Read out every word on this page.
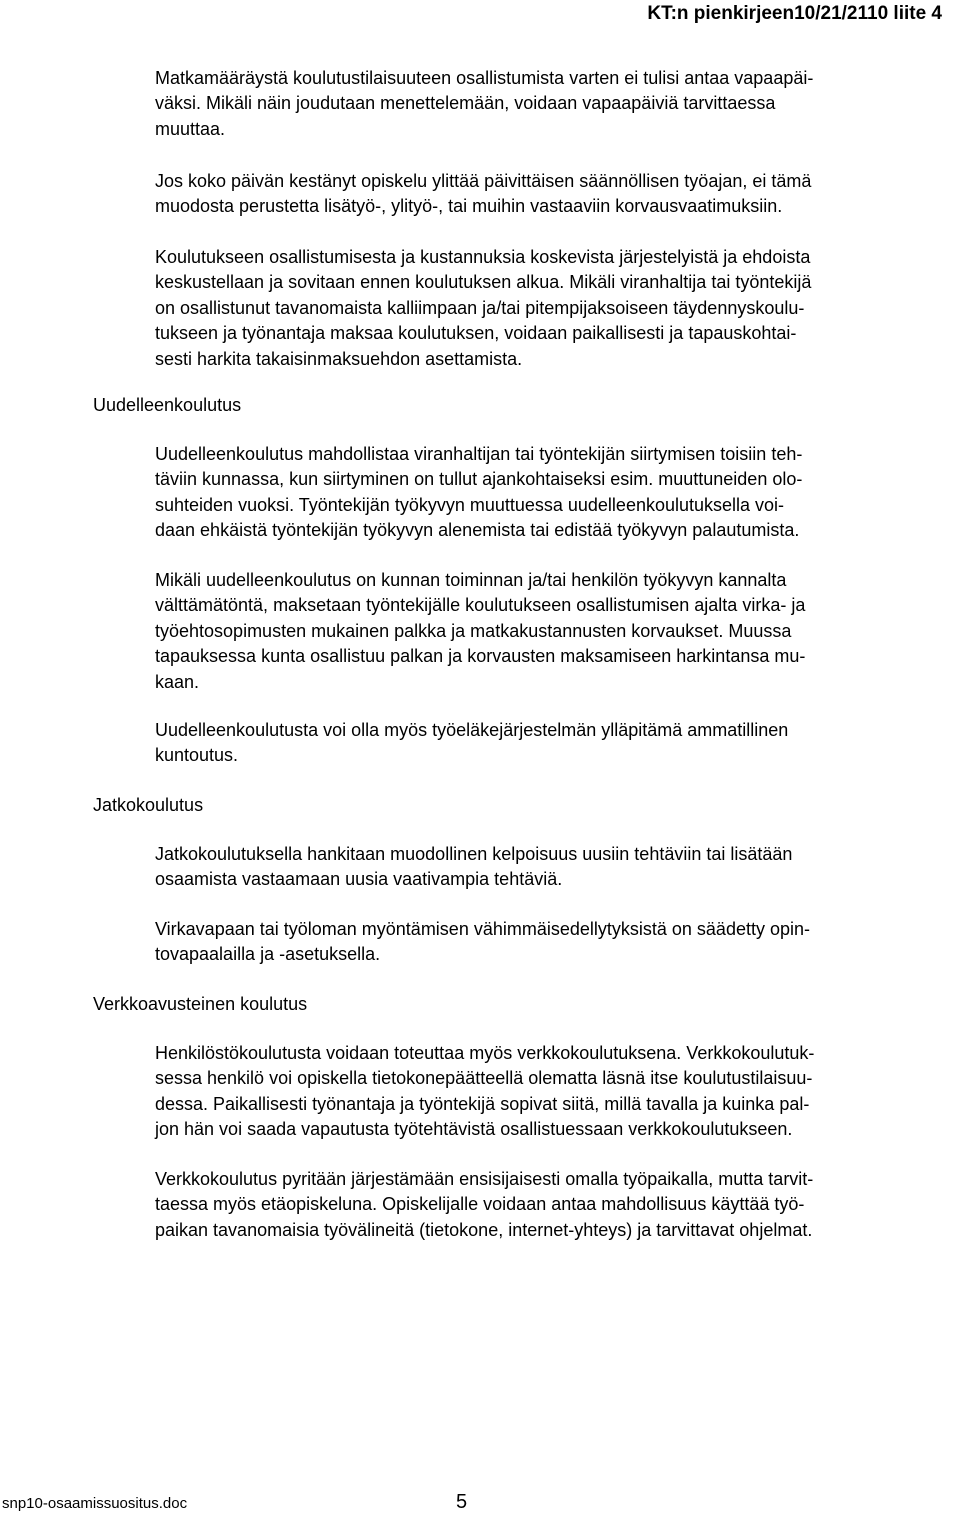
KT:n pienkirjeen10/21/2110 liite 4

Matkamääräystä koulutustilaisuuteen osallistumista varten ei tulisi antaa vapaapäi-
väksi. Mikäli näin joudutaan menettelemään, voidaan vapaapäiviä tarvittaessa
muuttaa.

Jos koko päivän kestänyt opiskelu ylittää päivittäisen säännöllisen työajan, ei tämä
muodosta perustetta lisätyö-, ylityö-, tai muihin vastaaviin korvausvaatimuksiin.

Koulutukseen osallistumisesta ja kustannuksia koskevista järjestelyistä ja ehdoista
keskustellaan ja sovitaan ennen koulutuksen alkua. Mikäli viranhaltija tai työntekijä
on osallistunut tavanomaista kalliimpaan ja/tai pitempijaksoiseen täydennyskoulu-
tukseen ja työnantaja maksaa koulutuksen, voidaan paikallisesti ja tapauskohtai-
sesti harkita takaisinmaksuehdon asettamista.

Uudelleenkoulutus

Uudelleenkoulutus mahdollistaa viranhaltijan tai työntekijän siirtymisen toisiin teh-
täviin kunnassa, kun siirtyminen on tullut ajankohtaiseksi esim. muuttuneiden olo-
suhteiden vuoksi. Työntekijän työkyvyn muuttuessa uudelleenkoulutuksella voi-
daan ehkäistä työntekijän työkyvyn alenemista tai edistää työkyvyn palautumista.

Mikäli uudelleenkoulutus on kunnan toiminnan ja/tai henkilön työkyvyn kannalta
välttämätöntä, maksetaan työntekijälle koulutukseen osallistumisen ajalta virka- ja
työehtosopimusten mukainen palkka ja matkakustannusten korvaukset. Muussa
tapauksessa kunta osallistuu palkan ja korvausten maksamiseen harkintansa mu-
kaan.

Uudelleenkoulutusta voi olla myös työeläkejärjestelmän ylläpitämä ammatillinen
kuntoutus.

Jatkokoulutus

Jatkokoulutuksella hankitaan muodollinen kelpoisuus uusiin tehtäviin tai lisätään
osaamista vastaamaan uusia vaativampia tehtäviä.

Virkavapaan tai työloman myöntämisen vähimmäisedellytyksistä on säädetty opin-
tovapaalailla ja -asetuksella.

Verkkoavusteinen koulutus

Henkilöstökoulutusta voidaan toteuttaa myös verkkokoulutuksena. Verkkokoulutuk-
sessa henkilö voi opiskella tietokonepäätteellä olematta läsnä itse koulutustilaisuu-
dessa. Paikallisesti työnantaja ja työntekijä sopivat siitä, millä tavalla ja kuinka pal-
jon hän voi saada vapautusta työtehtävistä osallistuessaan verkkokoulutukseen.

Verkkokoulutus pyritään järjestämään ensisijaisesti omalla työpaikalla, mutta tarvit-
taessa myös etäopiskeluna. Opiskelijalle voidaan antaa mahdollisuus käyttää työ-
paikan tavanomaisia työvälineitä (tietokone, internet-yhteys) ja tarvittavat ohjelmat.

snp10-osaamissuositus.doc	5
